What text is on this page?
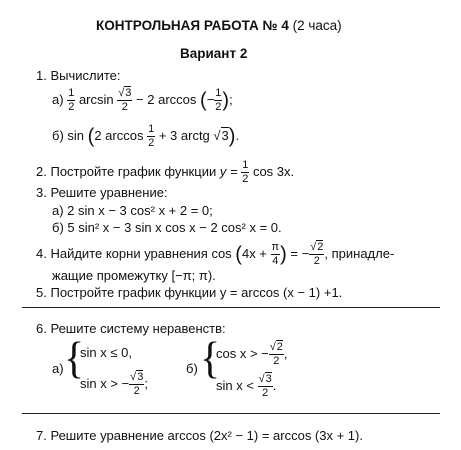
КОНТРОЛЬНАЯ РАБОТА № 4 (2 часа)
Вариант 2
1. Вычислите:
$а) \frac{1}{2}$ $\arcsin \frac{√3}{2} - 2$ arccos (− $\frac{1}{2}$ );
б) sin (2 $\arccos \frac{1}{2} + 3$ arctg √3).
2. Постройте график функции $y = \frac{1}{2}$ cos 3x.
3. Решите уравнение:
а) 2 sin x − 3 cos² x + 2 = 0;
б) 5 sin² x − 3 sin x cos x − 2 cos² x = 0.
4. Найдите корни уравнения $\cos (4x + \frac{\pi}{4}$ ) = − $\frac{√2}{2}$ , принадле-
жащие промежутку [−π; π).
5. Постройте график функции y = arccos (x − 1) +1.
6. Решите систему неравенств:
а) {
sin x ≤ 0,
sin x > − $\frac{√3}{2}$ ;
б) {
cos x > − $\frac{√2}{2}$ ,
$\sin x < \frac{√3}{2}$ .
7. Решите уравнение arccos (2x² − 1) = arccos (3x + 1).
